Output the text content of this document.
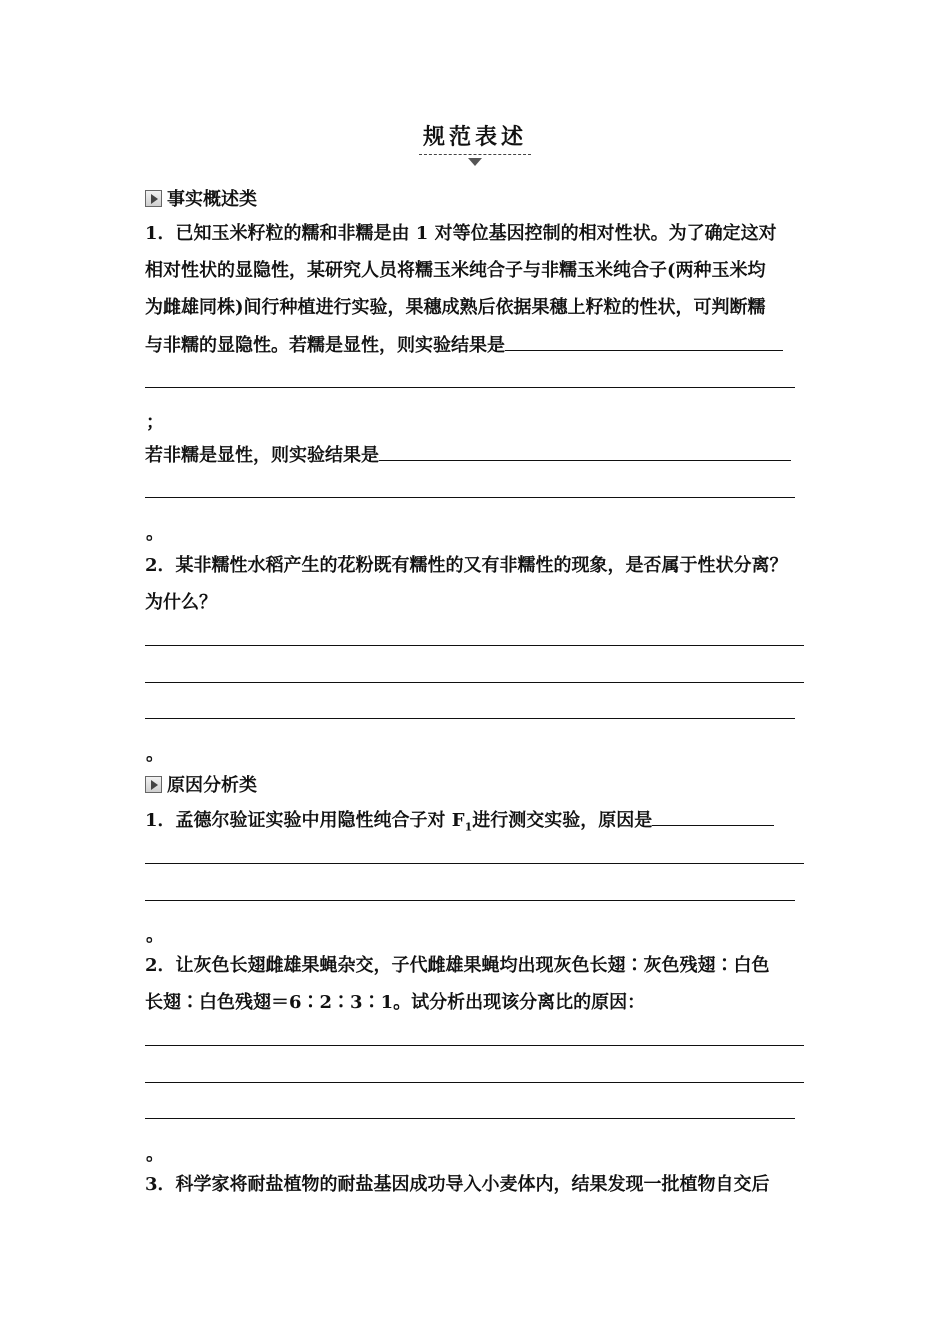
规范表述
事实概述类
1．已知玉米籽粒的糯和非糯是由 1 对等位基因控制的相对性状。为了确定这对
相对性状的显隐性，某研究人员将糯玉米纯合子与非糯玉米纯合子(两种玉米均
为雌雄同株)间行种植进行实验，果穗成熟后依据果穗上籽粒的性状，可判断糯
与非糯的显隐性。若糯是显性，则实验结果是
；
若非糯是显性，则实验结果是
。
2．某非糯性水稻产生的花粉既有糯性的又有非糯性的现象，是否属于性状分离？
为什么？
。
原因分析类
1．孟德尔验证实验中用隐性纯合子对 $F_1$进行测交实验，原因是
。
2．让灰色长翅雌雄果蝇杂交，子代雌雄果蝇均出现灰色长翅∶灰色残翅∶白色
长翅∶白色残翅＝6∶2∶3∶1。试分析出现该分离比的原因：
。
3．科学家将耐盐植物的耐盐基因成功导入小麦体内，结果发现一批植物自交后
